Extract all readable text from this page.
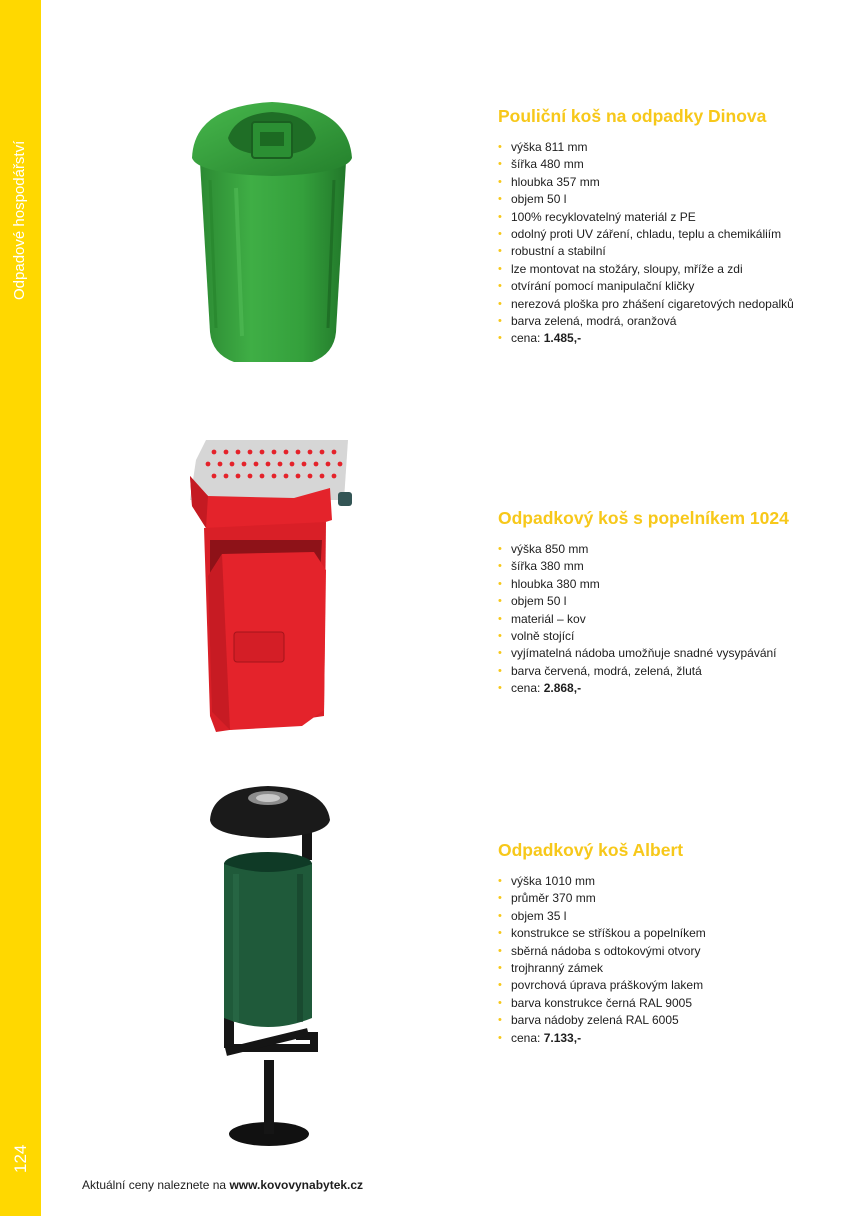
Odpadové hospodářství
124
Pouliční koš na odpadky Dinova
• výška 811 mm
• šířka 480 mm
• hloubka 357 mm
• objem 50 l
• 100% recyklovatelný materiál z PE
• odolný proti UV záření, chladu, teplu a chemikáliím
• robustní a stabilní
• lze montovat na stožáry, sloupy, mříže a zdi
• otvírání pomocí manipulační kličky
• nerezová ploška pro zhášení cigaretových nedopalků
• barva zelená, modrá, oranžová
• cena: 1.485,-
Odpadkový koš s popelníkem 1024
• výška 850 mm
• šířka 380 mm
• hloubka 380 mm
• objem 50 l
• materiál – kov
• volně stojící
• vyjímatelná nádoba umožňuje snadné vysypávání
• barva červená, modrá, zelená, žlutá
• cena: 2.868,-
Odpadkový koš Albert
• výška 1010 mm
• průměr 370 mm
• objem 35 l
• konstrukce se stříškou a popelníkem
• sběrná nádoba s odtokovými otvory
• trojhranný zámek
• povrchová úprava práškovým lakem
• barva konstrukce černá RAL 9005
• barva nádoby zelená RAL 6005
• cena: 7.133,-
Aktuální ceny naleznete na www.kovovynabytek.cz
